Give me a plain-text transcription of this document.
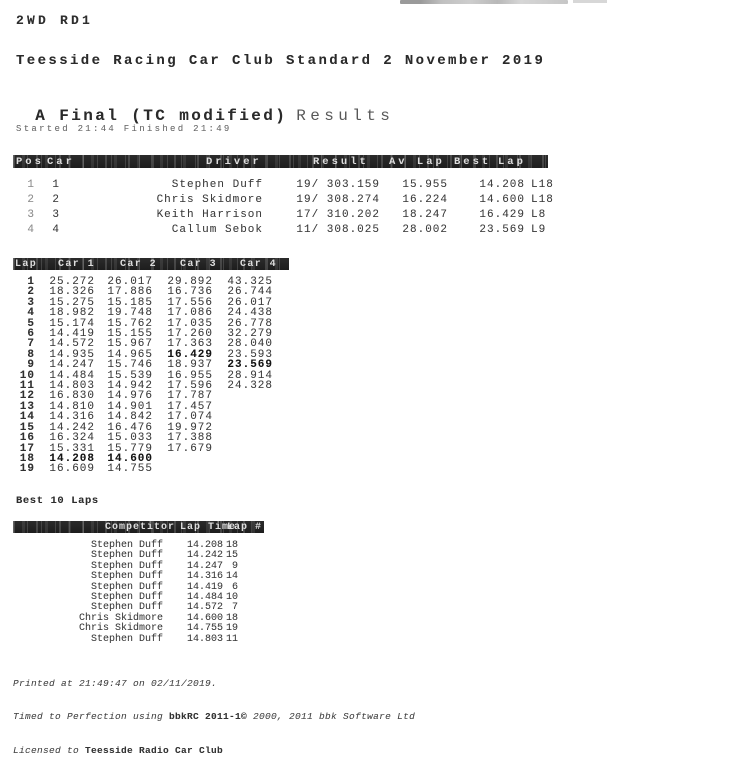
2WD RD1
Teesside Racing Car Club Standard 2 November 2019

A Final (TC modified) Results

Started 21:44 Finished 21:49
Pos Car	Driver	Result Av Lap Best Lap
1	1	Stephen Duff	19/ 303.159	15.955	14.208	L18
2	2	Chris Skidmore	19/ 308.274	16.224	14.600	L18
3	3	Keith Harrison	17/ 310.202	18.247	16.429	L8
4	4	Callum Sebok	11/ 308.025	28.002	23.569	L9
Lap Car 1 Car 2 Car 3 Car 4
1	25.272	26.017	29.892	43.325
2	18.326	17.886	16.736	26.744
3	15.275	15.185	17.556	26.017
4	18.982	19.748	17.086	24.438
5	15.174	15.762	17.035	26.778
6	14.419	15.155	17.260	32.279
7	14.572	15.967	17.363	28.040
8	14.935	14.965	16.429	23.593
9	14.247	15.746	18.937	23.569
10	14.484	15.539	16.955	28.914
11	14.803	14.942	17.596	24.328
12	16.830	14.976	17.787	
13	14.810	14.901	17.457	
14	14.316	14.842	17.074	
15	14.242	16.476	19.972	
16	16.324	15.033	17.388	
17	15.331	15.779	17.679	
18	14.208	14.600		
19	16.609	14.755		
Best 10 Laps
Competitor Lap Time
Lap #
Stephen Duff	14.208	18
Stephen Duff	14.242	15
Stephen Duff	14.247	9
Stephen Duff	14.316	14
Stephen Duff	14.419	6
Stephen Duff	14.484	10
Stephen Duff	14.572	7
Chris Skidmore	14.600	18
Chris Skidmore	14.755	19
Stephen Duff	14.803	11

Printed at 21:49:47 on 02/11/2019.

Timed to Perfection using bbkRC 2011-1© 2000, 2011 bbk Software Ltd

Licensed to Teesside Radio Car Club
